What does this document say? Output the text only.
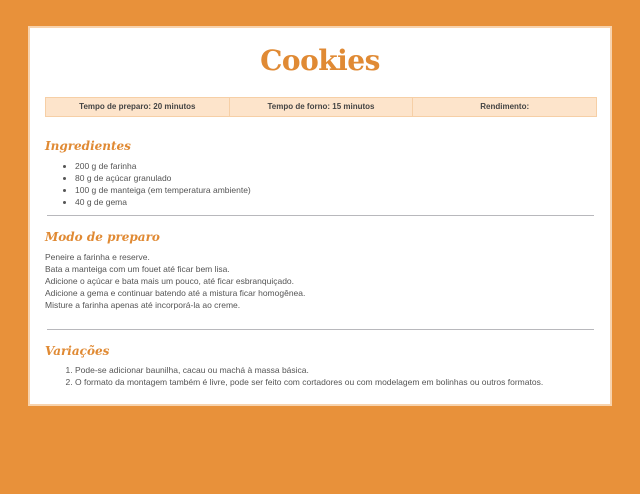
Cookies
Tempo de preparo: 20 minutos	Tempo de forno: 15 minutos	Rendimento:
Ingredientes
• 200 g de farinha
• 80 g de açúcar granulado
• 100 g de manteiga (em temperatura ambiente)
• 40 g de gema
Modo de preparo
Peneire a farinha e reserve.
Bata a manteiga com um fouet até ficar bem lisa.
Adicione o açúcar e bata mais um pouco, até ficar esbranquiçado.
Adicione a gema e continuar batendo até a mistura ficar homogênea.
Misture a farinha apenas até incorporá-la ao creme.
Variações
1. Pode-se adicionar baunilha, cacau ou machá à massa básica.
2. O formato da montagem também é livre, pode ser feito com cortadores ou com modelagem em bolinhas ou outros formatos.
